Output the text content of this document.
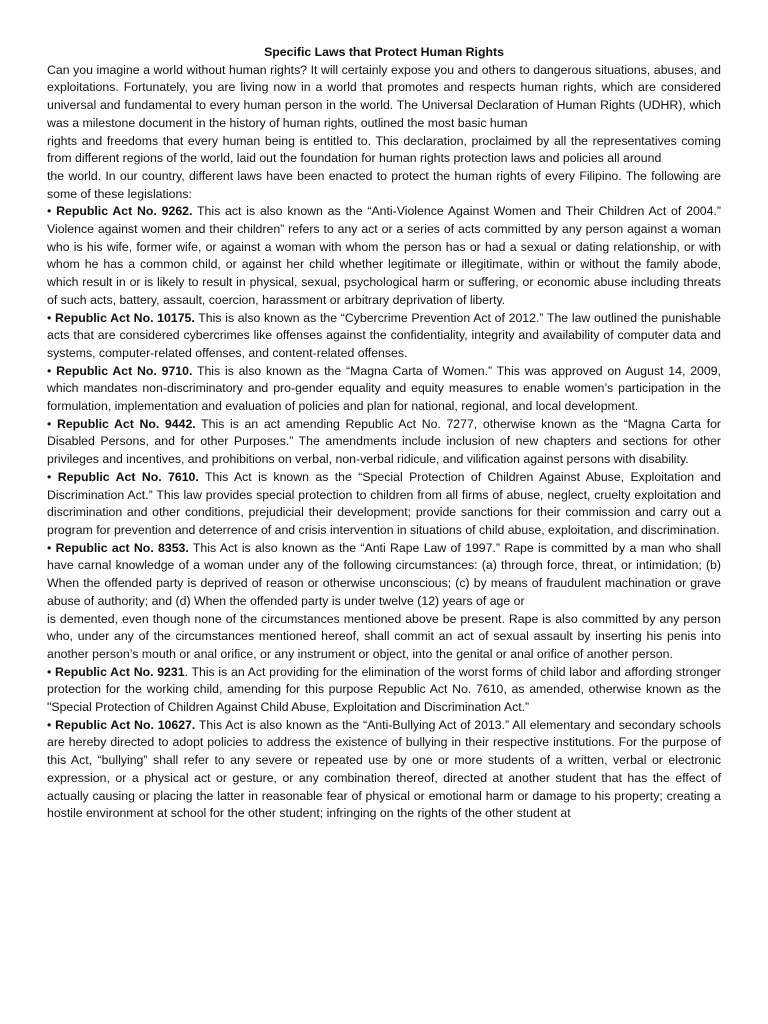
Specific Laws that Protect Human Rights

Can you imagine a world without human rights? It will certainly expose you and others to dangerous situations, abuses, and exploitations. Fortunately, you are living now in a world that promotes and respects human rights, which are considered universal and fundamental to every human person in the world. The Universal Declaration of Human Rights (UDHR), which was a milestone document in the history of human rights, outlined the most basic human

rights and freedoms that every human being is entitled to. This declaration, proclaimed by all the representatives coming from different regions of the world, laid out the foundation for human rights protection laws and policies all around

the world. In our country, different laws have been enacted to protect the human rights of every Filipino. The following are some of these legislations:

• Republic Act No. 9262. This act is also known as the “Anti-Violence Against Women and Their Children Act of 2004.” Violence against women and their children” refers to any act or a series of acts committed by any person against a woman who is his wife, former wife, or against a woman with whom the person has or had a sexual or dating relationship, or with whom he has a common child, or against her child whether legitimate or illegitimate, within or without the family abode, which result in or is likely to result in physical, sexual, psychological harm or suffering, or economic abuse including threats of such acts, battery, assault, coercion, harassment or arbitrary deprivation of liberty.

• Republic Act No. 10175. This is also known as the “Cybercrime Prevention Act of 2012.” The law outlined the punishable acts that are considered cybercrimes like offenses against the confidentiality, integrity and availability of computer data and systems, computer-related offenses, and content-related offenses.

• Republic Act No. 9710. This is also known as the “Magna Carta of Women.” This was approved on August 14, 2009, which mandates non-discriminatory and pro-gender equality and equity measures to enable women’s participation in the formulation, implementation and evaluation of policies and plan for national, regional, and local development.

• Republic Act No. 9442. This is an act amending Republic Act No. 7277, otherwise known as the “Magna Carta for Disabled Persons, and for other Purposes.” The amendments include inclusion of new chapters and sections for other privileges and incentives, and prohibitions on verbal, non-verbal ridicule, and vilification against persons with disability.

• Republic Act No. 7610. This Act is known as the “Special Protection of Children Against Abuse, Exploitation and Discrimination Act.” This law provides special protection to children from all firms of abuse, neglect, cruelty exploitation and discrimination and other conditions, prejudicial their development; provide sanctions for their commission and carry out a program for prevention and deterrence of and crisis intervention in situations of child abuse, exploitation, and discrimination.

• Republic act No. 8353. This Act is also known as the “Anti Rape Law of 1997.” Rape is committed by a man who shall have carnal knowledge of a woman under any of the following circumstances: (a) through force, threat, or intimidation; (b) When the offended party is deprived of reason or otherwise unconscious; (c) by means of fraudulent machination or grave abuse of authority; and (d) When the offended party is under twelve (12) years of age or

is demented, even though none of the circumstances mentioned above be present. Rape is also committed by any person who, under any of the circumstances mentioned hereof, shall commit an act of sexual assault by inserting his penis into another person’s mouth or anal orifice, or any instrument or object, into the genital or anal orifice of another person.

• Republic Act No. 9231. This is an Act providing for the elimination of the worst forms of child labor and affording stronger protection for the working child, amending for this purpose Republic Act No. 7610, as amended, otherwise known as the "Special Protection of Children Against Child Abuse, Exploitation and Discrimination Act.”

• Republic Act No. 10627. This Act is also known as the “Anti-Bullying Act of 2013.” All elementary and secondary schools are hereby directed to adopt policies to address the existence of bullying in their respective institutions. For the purpose of this Act, “bullying” shall refer to any severe or repeated use by one or more students of a written, verbal or electronic expression, or a physical act or gesture, or any combination thereof, directed at another student that has the effect of actually causing or placing the latter in reasonable fear of physical or emotional harm or damage to his property; creating a hostile environment at school for the other student; infringing on the rights of the other student at
